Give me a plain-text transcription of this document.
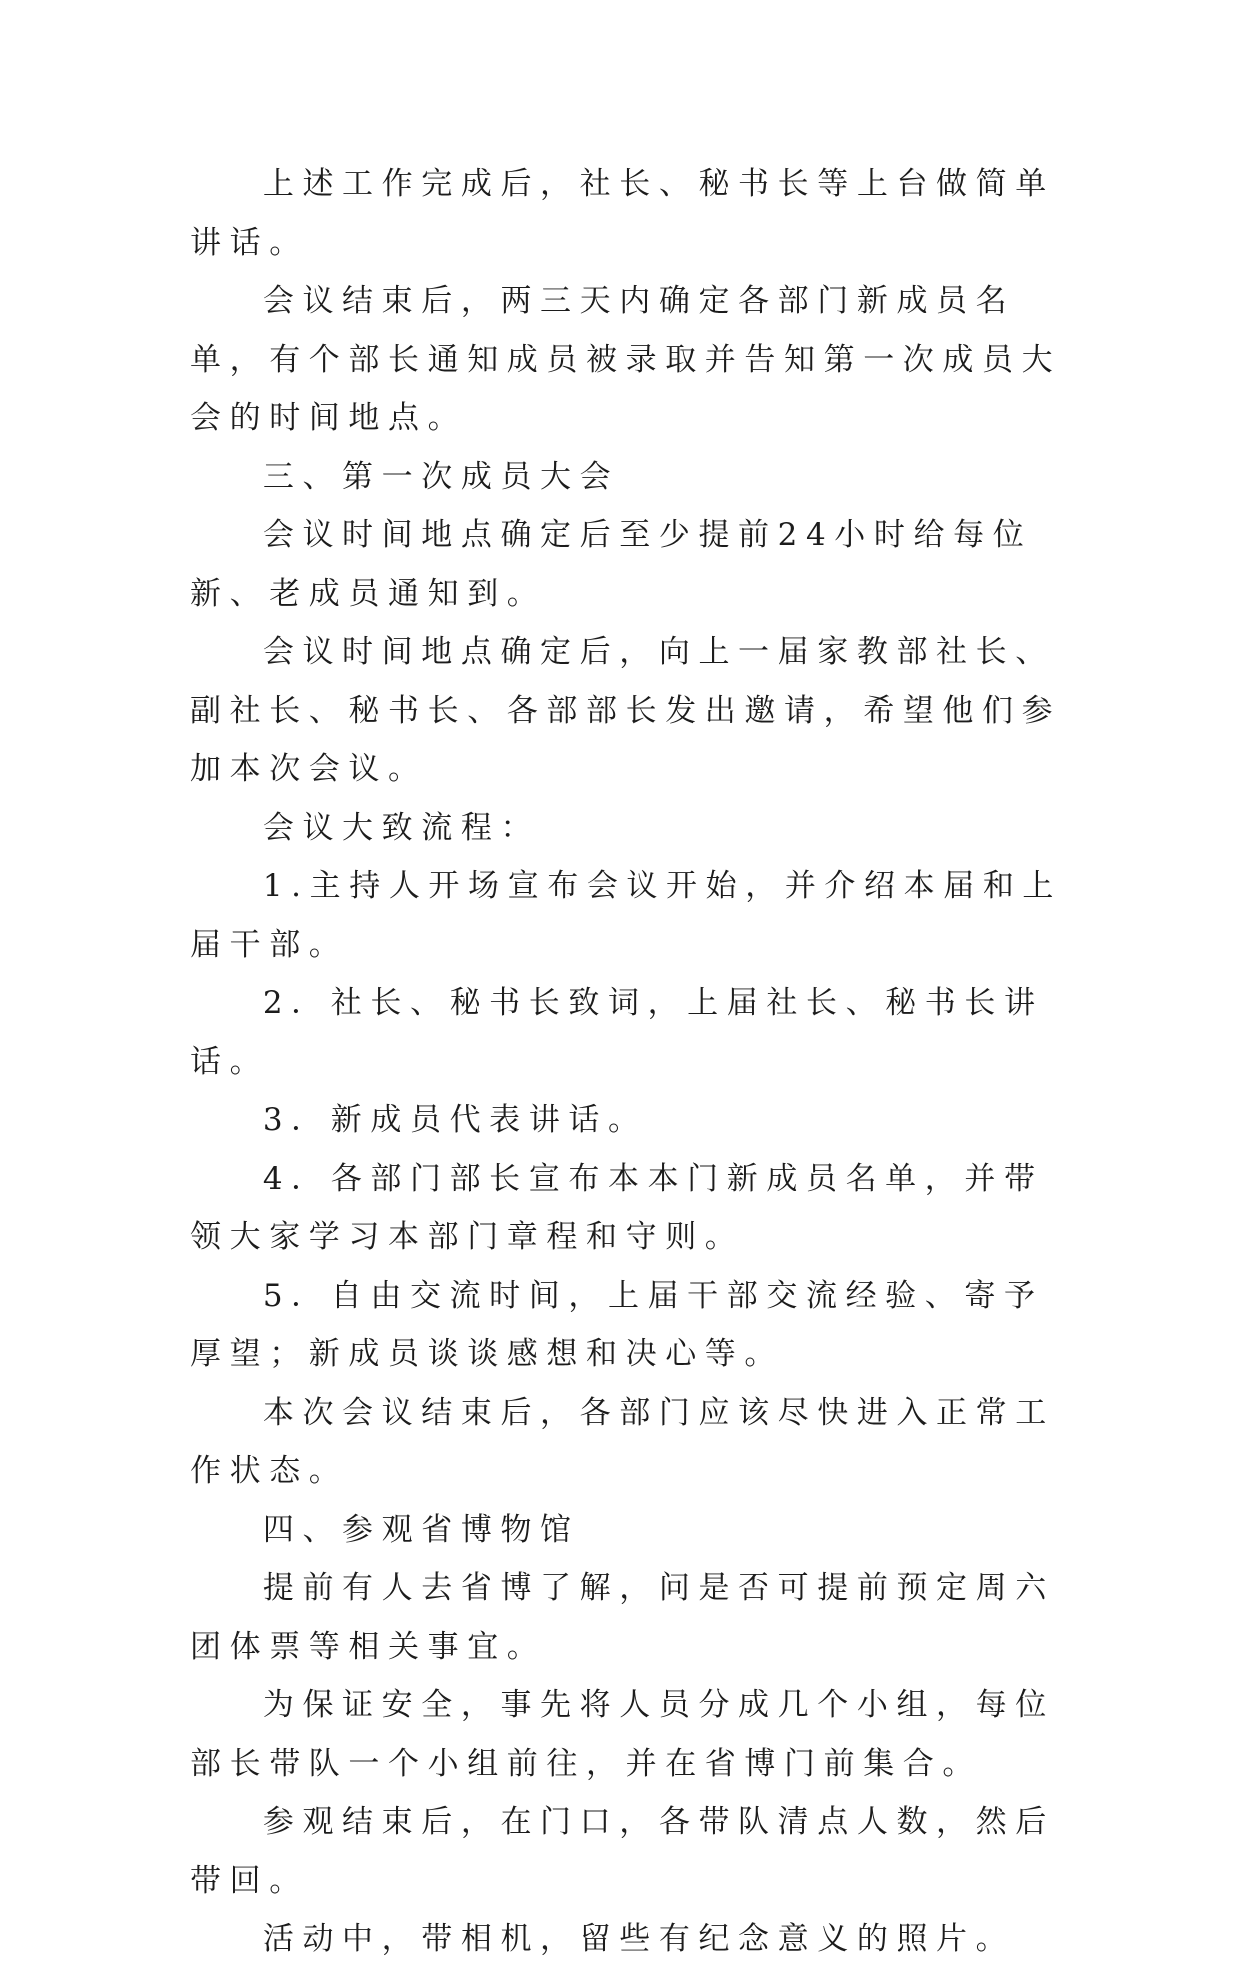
上述工作完成后，社长、秘书长等上台做简单讲话。

会议结束后，两三天内确定各部门新成员名单，有个部长通知成员被录取并告知第一次成员大会的时间地点。

三、第一次成员大会

会议时间地点确定后至少提前24小时给每位新、老成员通知到。

会议时间地点确定后，向上一届家教部社长、副社长、秘书长、各部部长发出邀请，希望他们参加本次会议。

会议大致流程：

1.主持人开场宣布会议开始，并介绍本届和上届干部。

2．社长、秘书长致词，上届社长、秘书长讲话。

3．新成员代表讲话。

4．各部门部长宣布本本门新成员名单，并带领大家学习本部门章程和守则。

5．自由交流时间，上届干部交流经验、寄予厚望；新成员谈谈感想和决心等。

本次会议结束后，各部门应该尽快进入正常工作状态。

四、参观省博物馆

提前有人去省博了解，问是否可提前预定周六团体票等相关事宜。

为保证安全，事先将人员分成几个小组，每位部长带队一个小组前往，并在省博门前集合。

参观结束后，在门口，各带队清点人数，然后带回。

活动中，带相机，留些有纪念意义的照片。
